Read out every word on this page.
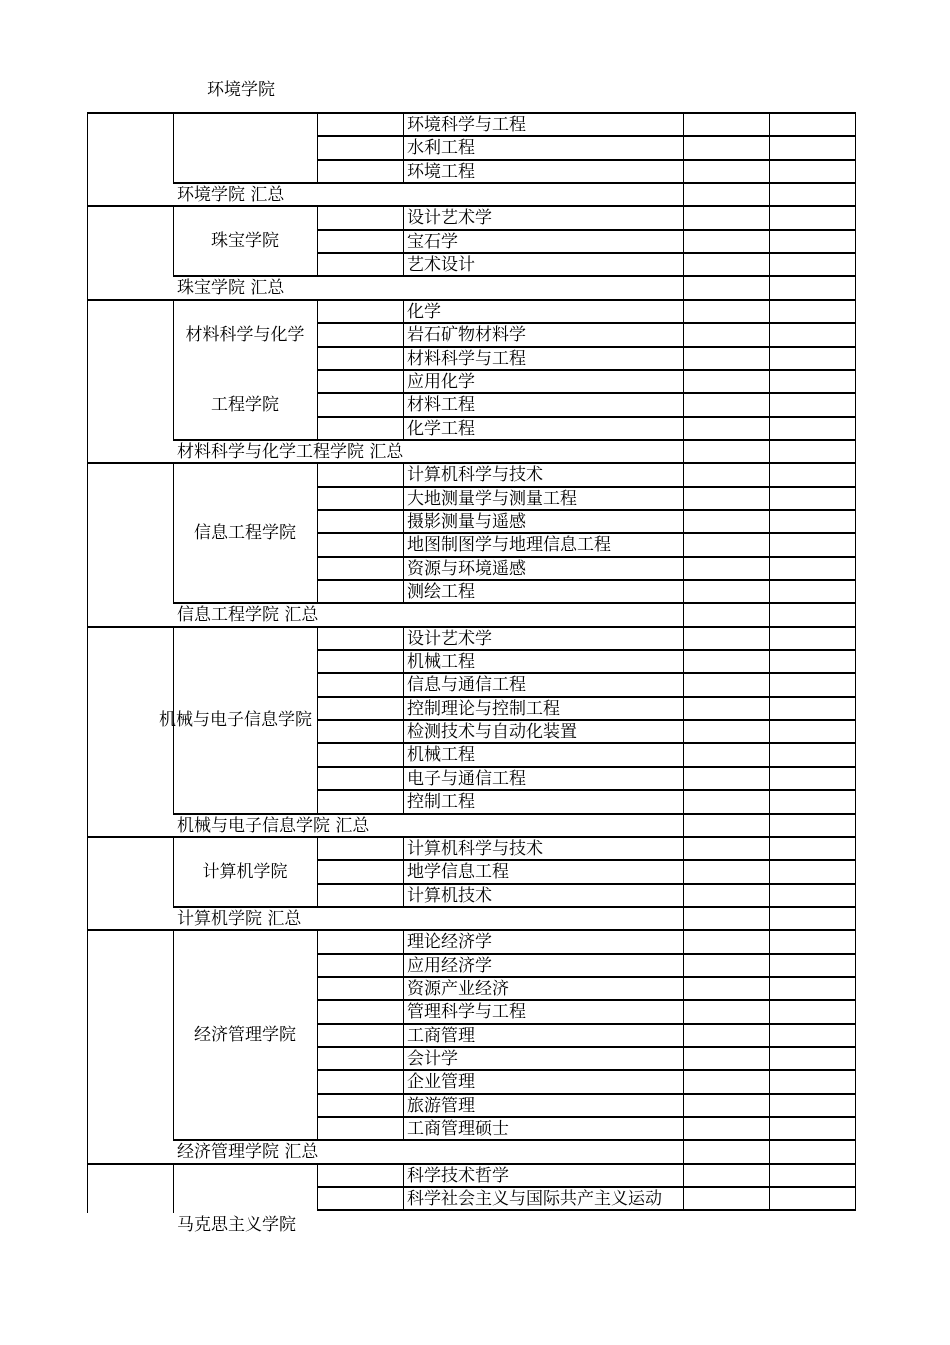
环境学院
马克思主义学院
环境科学与工程
水利工程
环境工程
环境学院 汇总
设计艺术学
宝石学
艺术设计
珠宝学院 汇总
珠宝学院
化学
岩石矿物材料学
材料科学与工程
应用化学
材料工程
化学工程
材料科学与化学工程学院 汇总
材料科学与化学
工程学院
计算机科学与技术
大地测量学与测量工程
摄影测量与遥感
地图制图学与地理信息工程
资源与环境遥感
测绘工程
信息工程学院 汇总
信息工程学院
设计艺术学
机械工程
信息与通信工程
控制理论与控制工程
检测技术与自动化装置
机械工程
电子与通信工程
控制工程
机械与电子信息学院 汇总
机械与电子信息学院
计算机科学与技术
地学信息工程
计算机技术
计算机学院 汇总
计算机学院
理论经济学
应用经济学
资源产业经济
管理科学与工程
工商管理
会计学
企业管理
旅游管理
工商管理硕士
经济管理学院 汇总
经济管理学院
科学技术哲学
科学社会主义与国际共产主义运动
